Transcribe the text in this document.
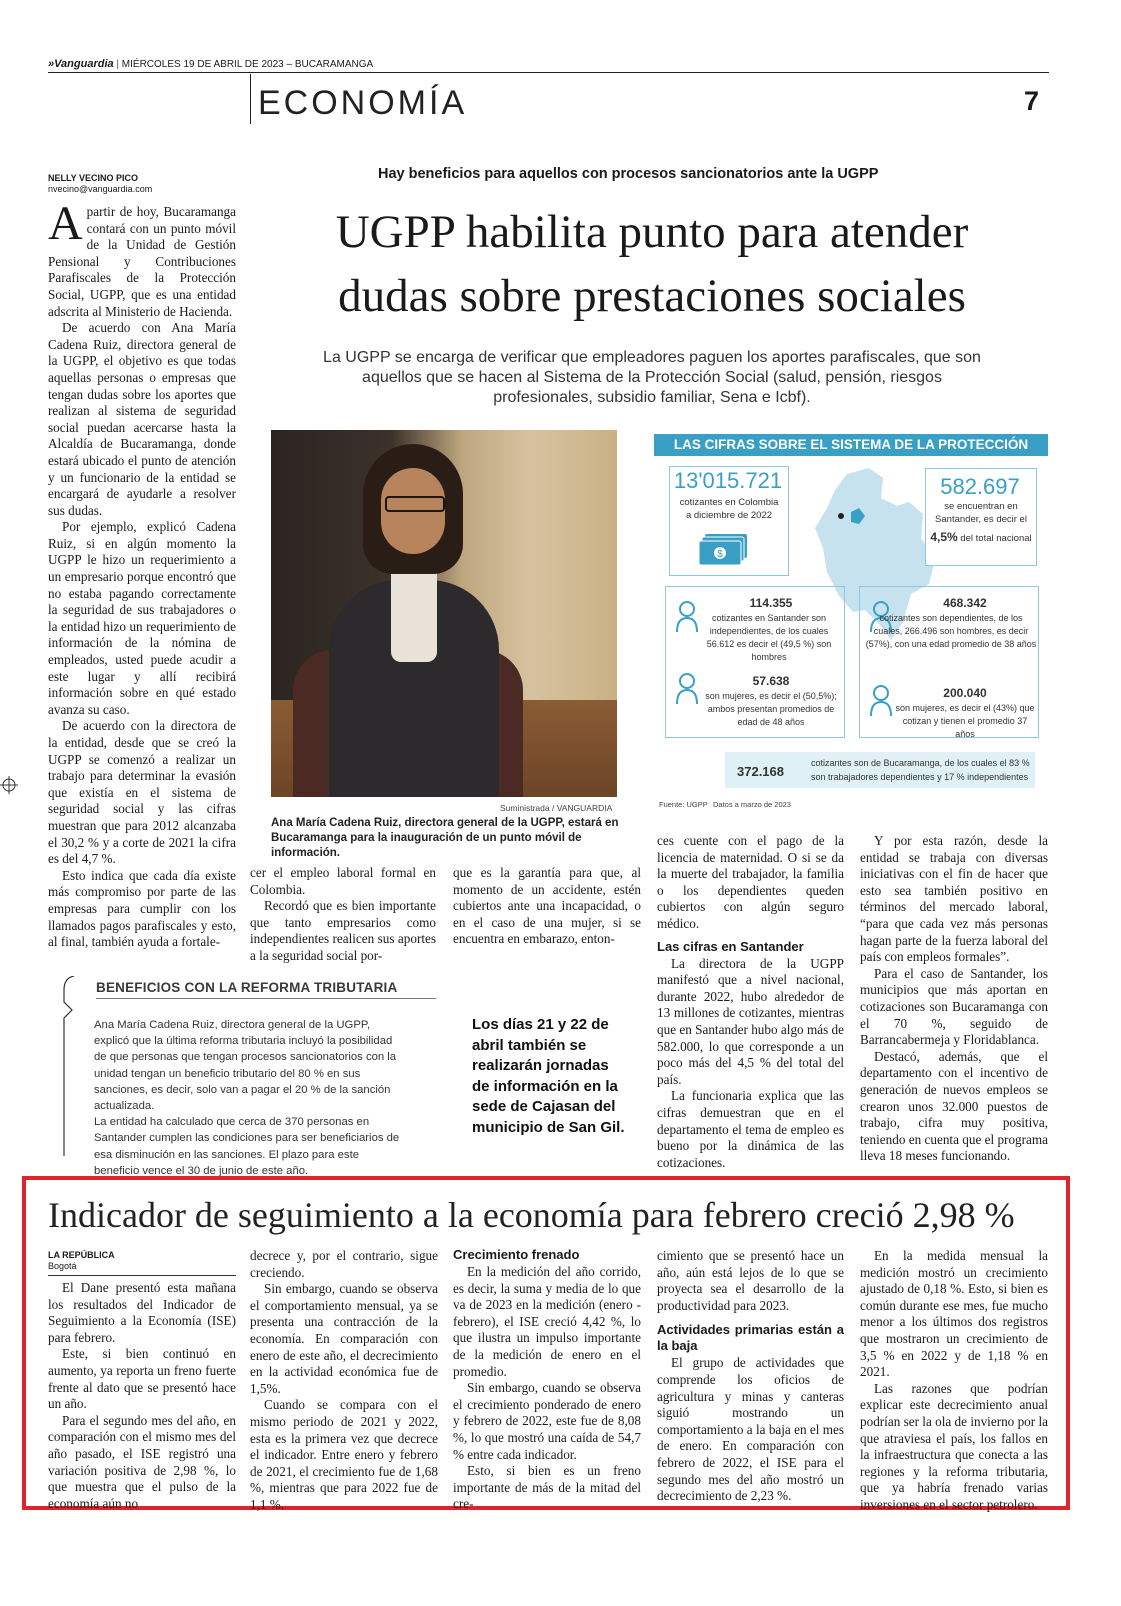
»Vanguardia | MIÉRCOLES 19 DE ABRIL DE 2023 – BUCARAMANGA
ECONOMÍA	7
NELLY VECINO PICO
nvecino@vanguardia.com
A partir de hoy, Bucaramanga contará con un punto móvil de la Unidad de Gestión Pensional y Contribuciones Parafiscales de la Protección Social, UGPP, que es una entidad adscrita al Ministerio de Hacienda.

De acuerdo con Ana María Cadena Ruiz, directora general de la UGPP, el objetivo es que todas aquellas personas o empresas que tengan dudas sobre los aportes que realizan al sistema de seguridad social puedan acercarse hasta la Alcaldía de Bucaramanga, donde estará ubicado el punto de atención y un funcionario de la entidad se encargará de ayudarle a resolver sus dudas.

Por ejemplo, explicó Cadena Ruiz, si en algún momento la UGPP le hizo un requerimiento a un empresario porque encontró que no estaba pagando correctamente la seguridad de sus trabajadores o la entidad hizo un requerimiento de información de la nómina de empleados, usted puede acudir a este lugar y allí recibirá información sobre en qué estado avanza su caso.

De acuerdo con la directora de la entidad, desde que se creó la UGPP se comenzó a realizar un trabajo para determinar la evasión que existía en el sistema de seguridad social y las cifras muestran que para 2012 alcanzaba el 30,2 % y a corte de 2021 la cifra es del 4,7 %.

Esto indica que cada día existe más compromiso por parte de las empresas para cumplir con los llamados pagos parafiscales y esto, al final, también ayuda a fortale-

Hay beneficios para aquellos con procesos sancionatorios ante la UGPP
UGPP habilita punto para atender
dudas sobre prestaciones sociales
La UGPP se encarga de verificar que empleadores paguen los aportes parafiscales, que son
aquellos que se hacen al Sistema de la Protección Social (salud, pensión, riesgos
profesionales, subsidio familiar, Sena e Icbf).
Suministrada / VANGUARDIA
Ana María Cadena Ruiz, directora general de la UGPP, estará en Bucaramanga para la inauguración de un punto móvil de información.

cer el empleo laboral formal en Colombia.

Recordó que es bien importante que tanto empresarios como independientes realicen sus aportes a la seguridad social por-

que es la garantía para que, al momento de un accidente, estén cubiertos ante una incapacidad, o en el caso de una mujer, si se encuentra en embarazo, enton-

ces cuente con el pago de la licencia de maternidad. O si se da la muerte del trabajador, la familia o los dependientes queden cubiertos con algún seguro médico.

Las cifras en Santander

La directora de la UGPP manifestó que a nivel nacional, durante 2022, hubo alrededor de 13 millones de cotizantes, mientras que en Santander hubo algo más de 582.000, lo que corresponde a un poco más del 4,5 % del total del país.

La funcionaria explica que las cifras demuestran que en el departamento el tema de empleo es bueno por la dinámica de las cotizaciones.

Y por esta razón, desde la entidad se trabaja con diversas iniciativas con el fin de hacer que esto sea también positivo en términos del mercado laboral, “para que cada vez más personas hagan parte de la fuerza laboral del país con empleos formales”.

Para el caso de Santander, los municipios que más aportan en cotizaciones son Bucaramanga con el 70 %, seguido de Barrancabermeja y Floridablanca.

Destacó, además, que el departamento con el incentivo de generación de nuevos empleos se crearon unos 32.000 puestos de trabajo, cifra muy positiva, teniendo en cuenta que el programa lleva 18 meses funcionando.

BENEFICIOS CON LA REFORMA TRIBUTARIA
Ana María Cadena Ruiz, directora general de la UGPP, explicó que la última reforma tributaria incluyó la posibilidad de que personas que tengan procesos sancionatorios con la unidad tengan un beneficio tributario del 80 % en sus sanciones, es decir, solo van a pagar el 20 % de la sanción actualizada.
La entidad ha calculado que cerca de 370 personas en Santander cumplen las condiciones para ser beneficiarios de esa disminución en las sanciones. El plazo para este beneficio vence el 30 de junio de este año.
Los días 21 y 22 de abril también se realizarán jornadas de información en la sede de Cajasan del municipio de San Gil.
LAS CIFRAS SOBRE EL SISTEMA DE LA PROTECCIÓN SOCIAL
13'015.721
cotizantes en Colombia a diciembre de 2022
$
582.697
se encuentran en Santander, es decir el
4,5% del total nacional
114.355
cotizantes en Santander son independientes, de los cuales 56.612 es decir el (49,5 %) son hombres
57.638
son mujeres, es decir el (50,5%); ambos presentan promedios de edad de 48 años
468.342
cotizantes son dependientes, de los cuales, 266.496 son hombres, es decir (57%), con una edad promedio de 38 años
200.040
son mujeres, es decir el (43%) que cotizan y tienen el promedio 37 años
372.168
cotizantes son de Bucaramanga, de los cuales el 83 %
son trabajadores dependientes y 17 % independientes
Fuente: UGPP Datos a marzo de 2023
Indicador de seguimiento a la economía para febrero creció 2,98 %
LA REPÚBLICA
Bogotá

El Dane presentó esta mañana los resultados del Indicador de Seguimiento a la Economía (ISE) para febrero.

Este, si bien continuó en aumento, ya reporta un freno fuerte frente al dato que se presentó hace un año.

Para el segundo mes del año, en comparación con el mismo mes del año pasado, el ISE registró una variación positiva de 2,98 %, lo que muestra que el pulso de la economía aún no

decrece y, por el contrario, sigue creciendo.

Sin embargo, cuando se observa el comportamiento mensual, ya se presenta una contracción de la economía. En comparación con enero de este año, el decrecimiento en la actividad económica fue de 1,5%.

Cuando se compara con el mismo periodo de 2021 y 2022, esta es la primera vez que decrece el indicador. Entre enero y febrero de 2021, el crecimiento fue de 1,68 %, mientras que para 2022 fue de 1,1 %.

Crecimiento frenado

En la medición del año corrido, es decir, la suma y media de lo que va de 2023 en la medición (enero - febrero), el ISE creció 4,42 %, lo que ilustra un impulso importante de la medición de enero en el promedio.

Sin embargo, cuando se observa el crecimiento ponderado de enero y febrero de 2022, este fue de 8,08 %, lo que mostró una caída de 54,7 % entre cada indicador.

Esto, si bien es un freno importante de más de la mitad del cre-

cimiento que se presentó hace un año, aún está lejos de lo que se proyecta sea el desarrollo de la productividad para 2023.

Actividades primarias están a la baja

El grupo de actividades que comprende los oficios de agricultura y minas y canteras siguió mostrando un comportamiento a la baja en el mes de enero. En comparación con febrero de 2022, el ISE para el segundo mes del año mostró un decrecimiento de 2,23 %.

En la medida mensual la medición mostró un crecimiento ajustado de 0,18 %. Esto, si bien es común durante ese mes, fue mucho menor a los últimos dos registros que mostraron un crecimiento de 3,5 % en 2022 y de 1,18 % en 2021.

Las razones que podrían explicar este decrecimiento anual podrían ser la ola de invierno por la que atraviesa el país, los fallos en la infraestructura que conecta a las regiones y la reforma tributaria, que ya habría frenado varias inversiones en el sector petrolero.
